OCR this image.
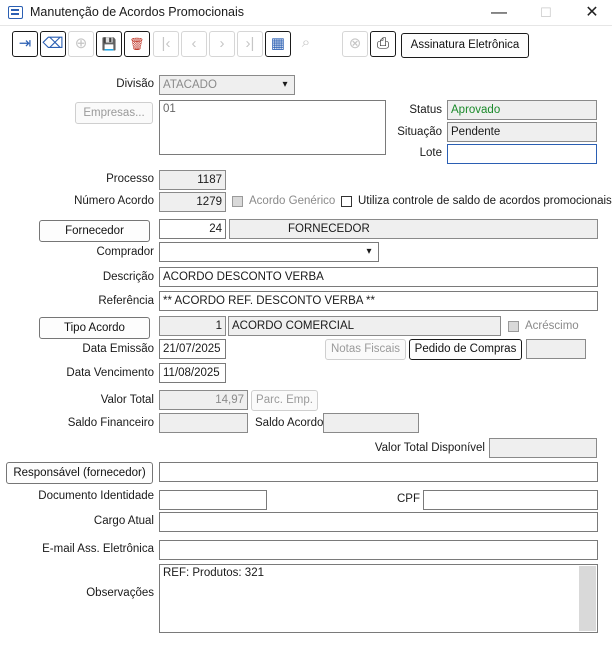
Manutenção de Acordos Promocionais	—	☐	✕
⇥ ⌫ ⊕	💾	🗑	|‹	‹	›	›|	▦	⌕	⊗	⎙	Assinatura Eletrônica
Divisão ATACADO	▾
Empresas...	01	Status Aprovado
Situação Pendente
Lote
Processo	1187
Número Acordo	1279	Acordo Genérico Utiliza controle de saldo de acordos promocionais
Fornecedor	24	FORNECEDOR
Comprador	▾
Descrição ACORDO DESCONTO VERBA
Referência ** ACORDO REF. DESCONTO VERBA **
Tipo Acordo	1 ACORDO COMERCIAL	Acréscimo
Data Emissão 21/07/2025	Notas Fiscais	Pedido de Compras
Data Vencimento 11/08/2025
Valor Total	14,97	Parc. Emp.
Saldo Financeiro	Saldo Acordo
Valor Total Disponível
Responsável (fornecedor)
Documento Identidade	CPF
Cargo Atual
E-mail Ass. Eletrônica
Observações
REF: Produtos: 321
